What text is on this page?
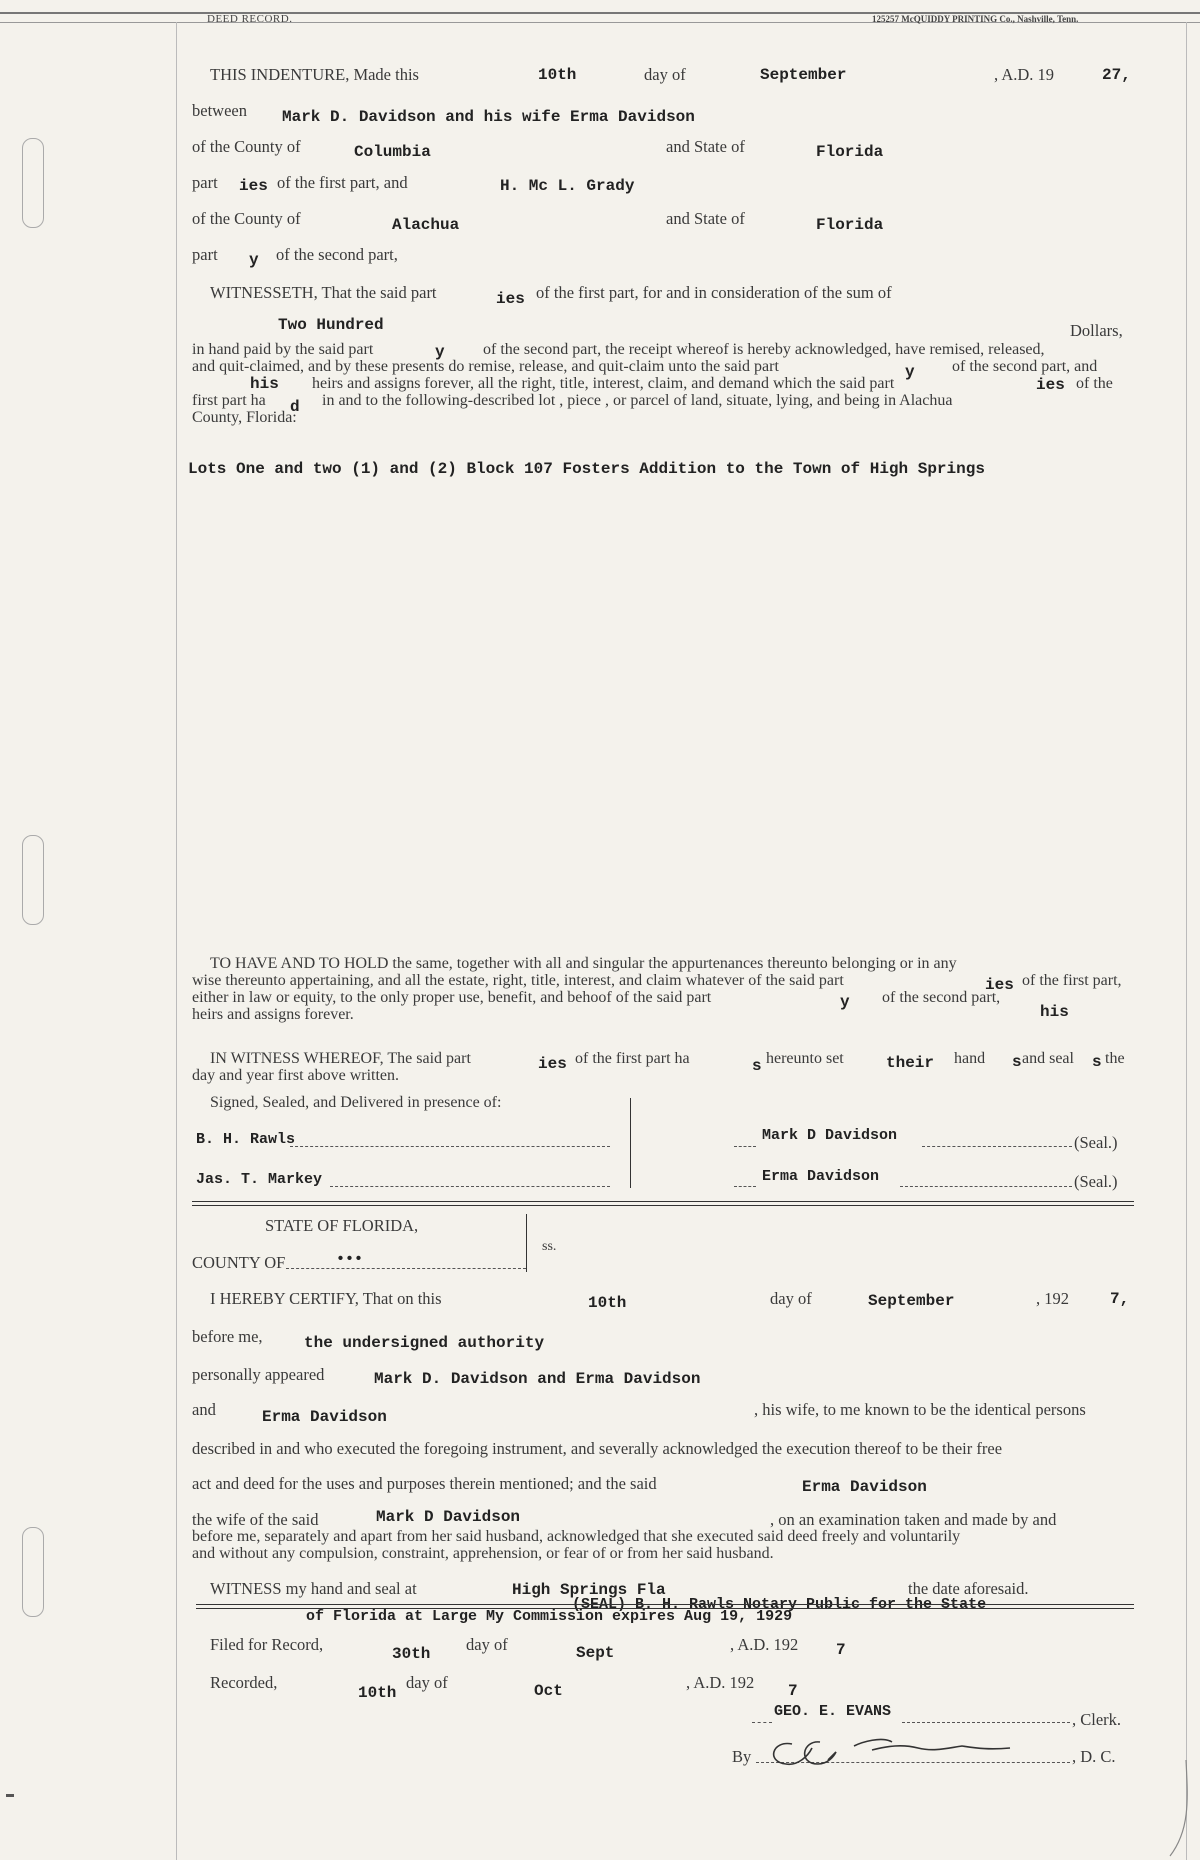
DEED RECORD.	125257 McQUIDDY PRINTING Co., Nashville, Tenn.
THIS INDENTURE, Made this	10th	day of	September	, A.D. 19	27,
between Mark D. Davidson and his wife Erma Davidson
of the County of	Columbia	and State of	Florida
part ies of the first part, and	H. Mc L. Grady
of the County of	Alachua	and State of	Florida
part y of the second part,
WITNESSETH, That the said part	ies of the first part, for and in consideration of the sum of
Two Hundred	Dollars,
in hand paid by the said part	y of the second part, the receipt whereof is hereby acknowledged, have remised, released,
and quit-claimed, and by these presents do remise, release, and quit-claim unto the said part	y of the second part, and
his heirs and assigns forever, all the right, title, interest, claim, and demand which the said part	ies of the
first part ha d in and to the following-described lot , piece , or parcel of land, situate, lying, and being in Alachua
County, Florida:
Lots One and two (1) and (2) Block 107 Fosters Addition to the Town of High Springs
TO HAVE AND TO HOLD the same, together with all and singular the appurtenances thereunto belonging or in any
wise thereunto appertaining, and all the estate, right, title, interest, and claim whatever of the said part	ies of the first part,
either in law or equity, to the only proper use, benefit, and behoof of the said part	y of the second part,
his
heirs and assigns forever.
IN WITNESS WHEREOF, The said part	ies of the first part ha	s hereunto set	their hand s and seal s the
day and year first above written.
Signed, Sealed, and Delivered in presence of:
B. H. Rawls
Jas. T. Markey
Mark D Davidson	(Seal.)
Erma Davidson	(Seal.)
STATE OF FLORIDA,
COUNTY OF	•••
ss.
I HEREBY CERTIFY, That on this	10th	day of	September	, 192	7,
before me,	the undersigned authority
personally appeared	Mark D. Davidson and Erma Davidson
and	Erma Davidson	, his wife, to me known to be the identical persons
described in and who executed the foregoing instrument, and severally acknowledged the execution thereof to be their free
act and deed for the uses and purposes therein mentioned; and the said	Erma Davidson
the wife of the said	Mark D Davidson	, on an examination taken and made by and
before me, separately and apart from her said husband, acknowledged that she executed said deed freely and voluntarily
and without any compulsion, constraint, apprehension, or fear of or from her said husband.
WITNESS my hand and seal at	High Springs Fla	the date aforesaid.
(SEAL) B. H. Rawls Notary Public for the State
of Florida at Large My Commission expires Aug 19, 1929
Filed for Record,	30th day of	Sept	, A.D. 192 7
Recorded,
10th
day of	Oct	, A.D. 192 7
GEO. E. EVANS	, Clerk.
By	C. G. Evans	, D. C.
